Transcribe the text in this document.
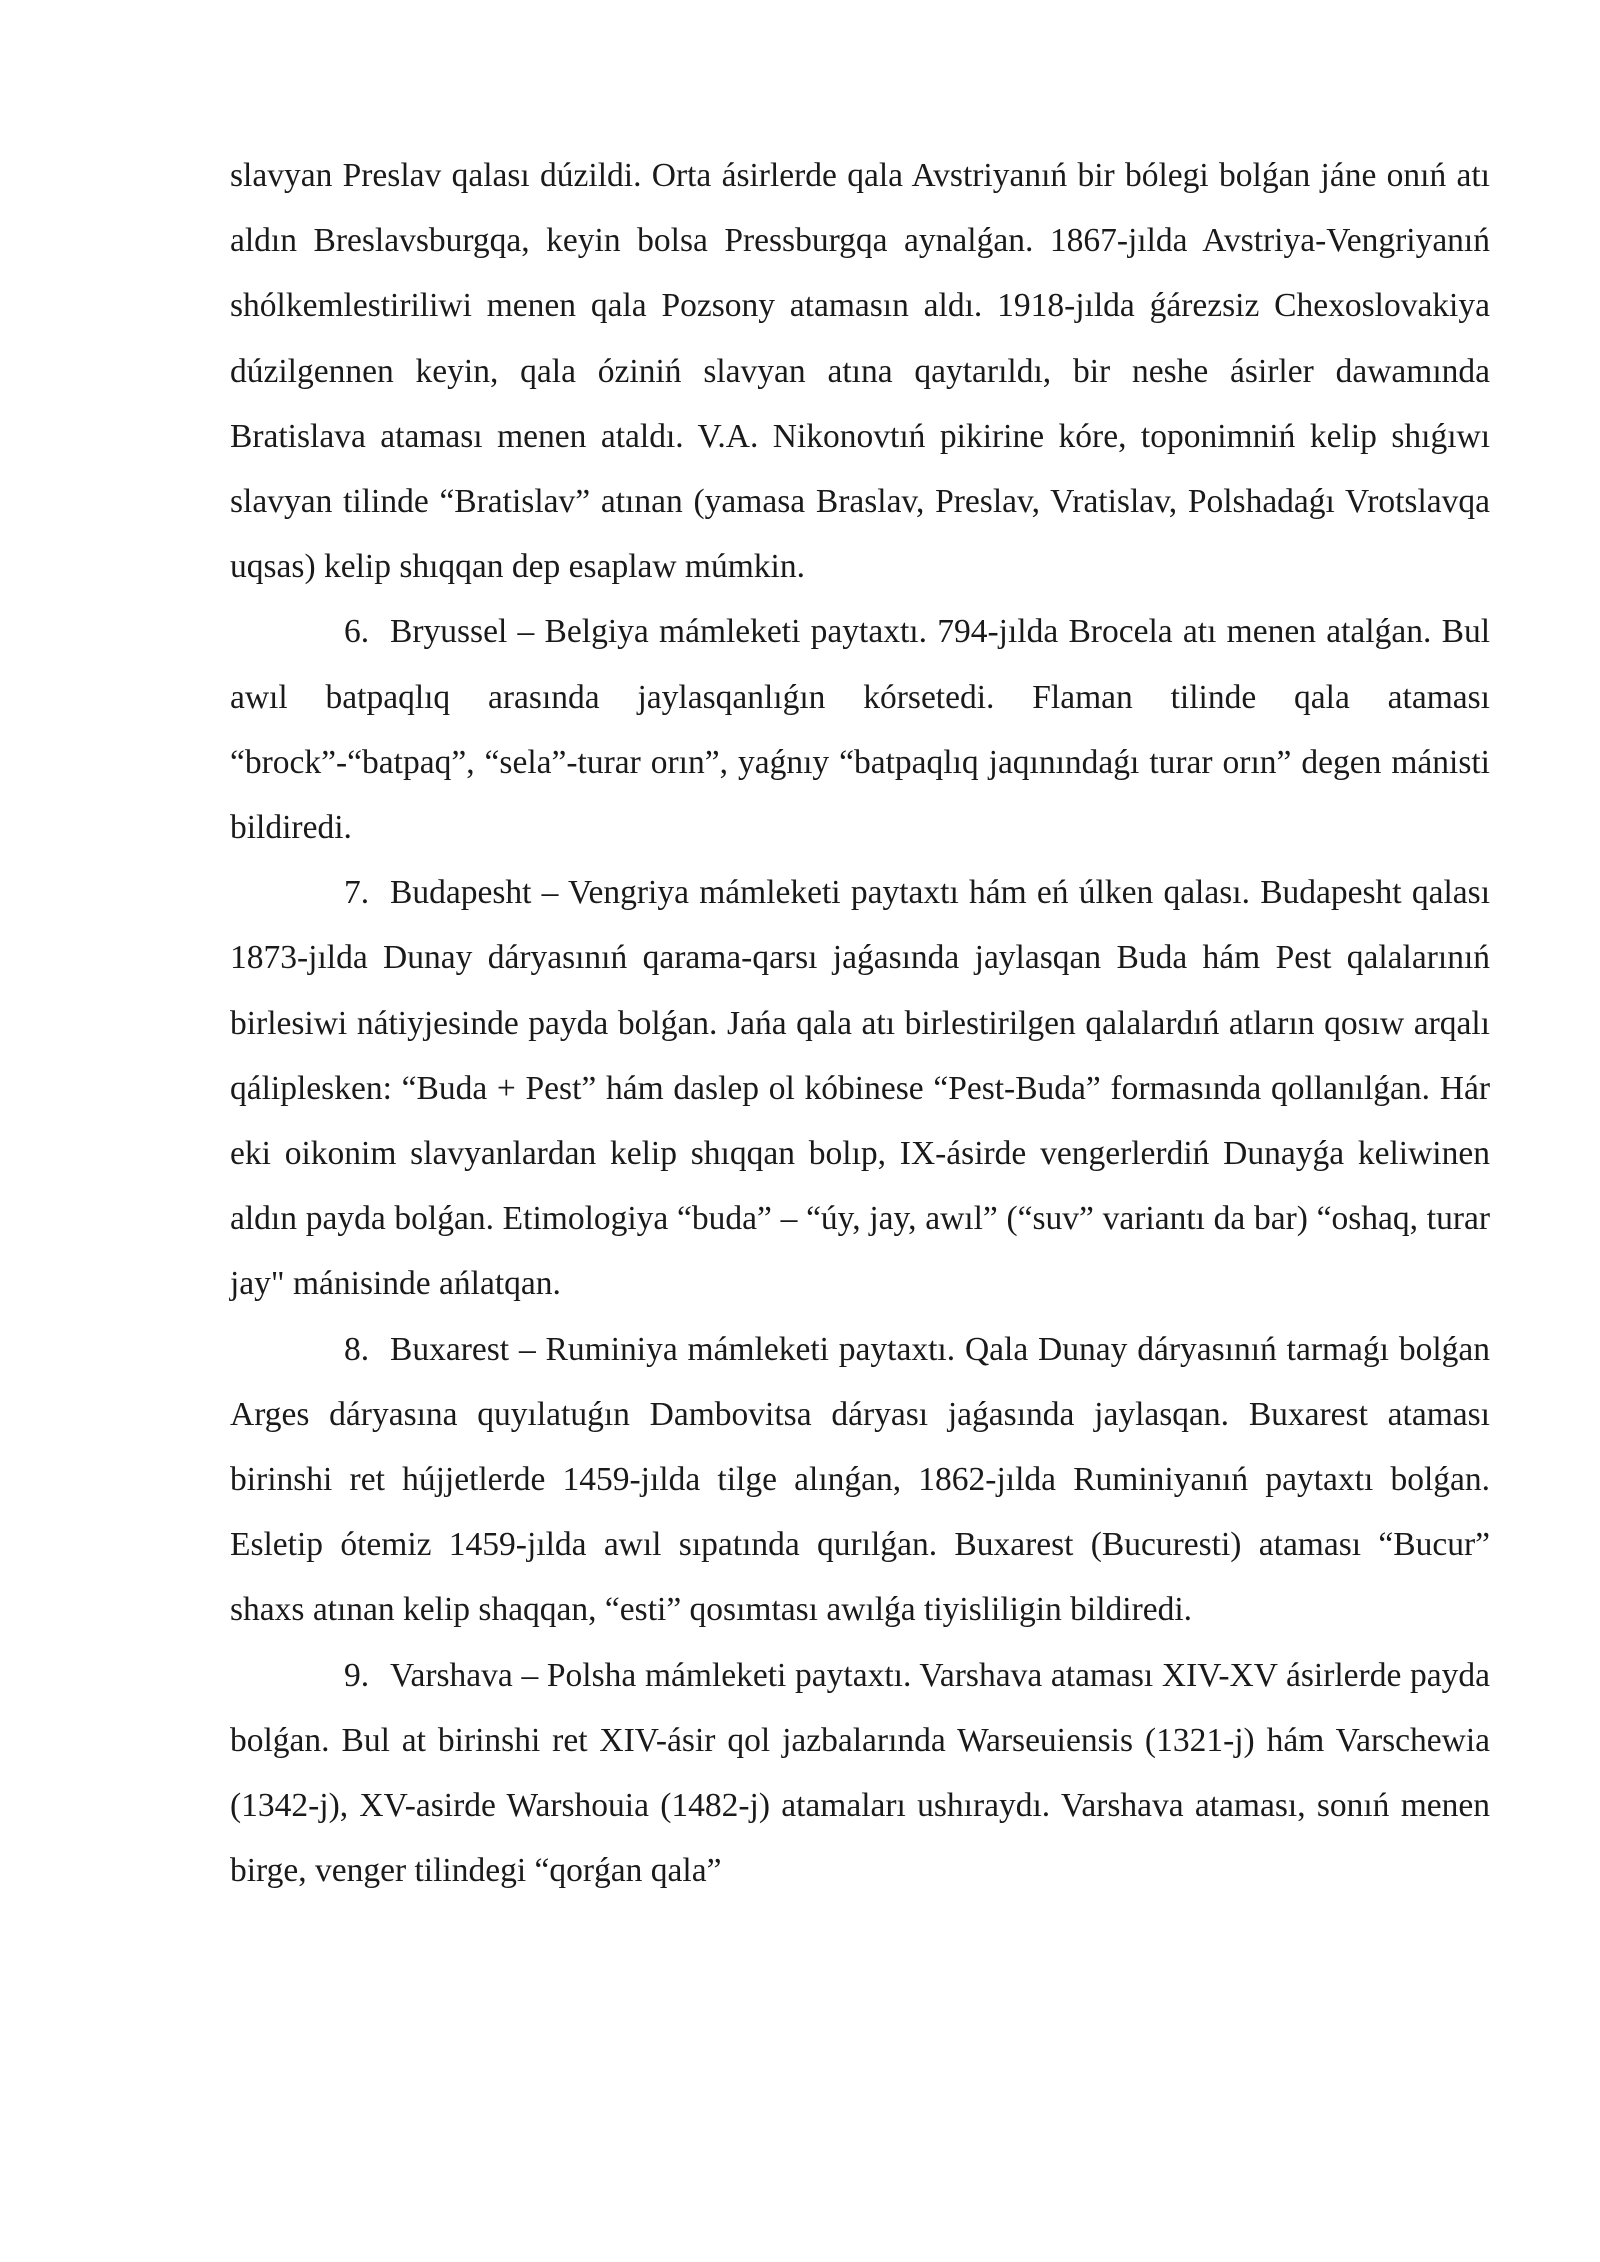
slavyan Preslav qalası dúzildi. Orta ásirlerde qala Avstriyanıń bir bólegi bolǵan jáne onıń atı aldın Breslavsburgqa, keyin bolsa Pressburgqa aynalǵan. 1867-jılda Avstriya-Vengriyanıń shólkemlestiriliwi menen qala Pozsony atamasın aldı. 1918-jılda ǵárezsiz Chexoslovakiya dúzilgennen keyin, qala óziniń slavyan atına qaytarıldı, bir neshe ásirler dawamında Bratislava ataması menen ataldı. V.A. Nikonovtıń pikirine kóre, toponimniń kelip shıǵıwı slavyan tilinde “Bratislav” atınan (yamasa Braslav, Preslav, Vratislav, Polshadaǵı Vrotslavqa uqsas) kelip shıqqan dep esaplaw múmkin.

6. Bryussel – Belgiya mámleketi paytaxtı. 794-jılda Brocela atı menen atalǵan. Bul awıl batpaqlıq arasında jaylasqanlıǵın kórsetedi. Flaman tilinde qala ataması “brock”-“batpaq”, “sela”-turar orın”, yaǵnıy “batpaqlıq jaqınındaǵı turar orın” degen mánisti bildiredi.

7. Budapesht – Vengriya mámleketi paytaxtı hám eń úlken qalası. Budapesht qalası 1873-jılda Dunay dáryasınıń qarama-qarsı jaǵasında jaylasqan Buda hám Pest qalalarınıń birlesiwi nátiyjesinde payda bolǵan. Jańa qala atı birlestirilgen qalalardıń atların qosıw arqalı qáliplesken: “Buda + Pest” hám daslep ol kóbinese “Pest-Buda” formasında qollanılǵan. Hár eki oikonim slavyanlardan kelip shıqqan bolıp, IX-ásirde vengerlerdiń Dunayǵa keliwinen aldın payda bolǵan. Etimologiya “buda” – “úy, jay, awıl” (“suv” variantı da bar) “oshaq, turar jay" mánisinde ańlatqan.

8. Buxarest – Ruminiya mámleketi paytaxtı. Qala Dunay dáryasınıń tarmaǵı bolǵan Arges dáryasına quyılatuǵın Dambovitsa dáryası jaǵasında jaylasqan. Buxarest ataması birinshi ret hújjetlerde 1459-jılda tilge alınǵan, 1862-jılda Ruminiyanıń paytaxtı bolǵan. Esletip ótemiz 1459-jılda awıl sıpatında qurılǵan. Buxarest (Bucuresti) ataması “Bucur” shaxs atınan kelip shaqqan, “esti” qosımtası awılǵa tiyisliligin bildiredi.

9. Varshava – Polsha mámleketi paytaxtı. Varshava ataması XIV-XV ásirlerde payda bolǵan. Bul at birinshi ret XIV-ásir qol jazbalarında Warseuiensis (1321-j) hám Varschewia (1342-j), XV-asirde Warshouia (1482-j) atamaları ushıraydı. Varshava ataması, sonıń menen birge, venger tilindegi “qorǵan qala”
